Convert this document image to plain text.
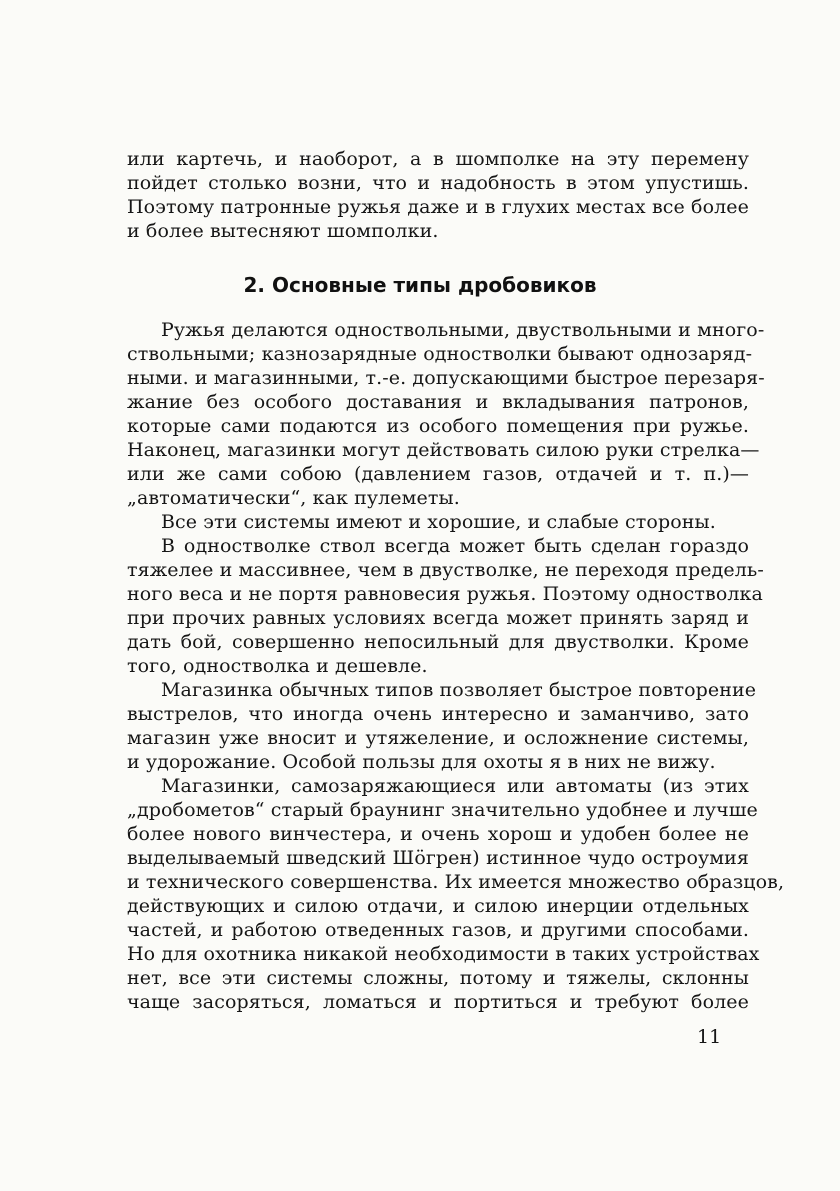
или картечь, и наоборот, а в шомполке на эту перемену
пойдет столько возни, что и надобность в этом упустишь.
Поэтому патронные ружья даже и в глухих местах все более
и более вытесняют шомполки.
2. Основные типы дробовиков
Ружья делаются одноствольными, двуствольными и много-
ствольными; казнозарядные одностволки бывают однозаряд-
ными. и магазинными, т.-е. допускающими быстрое перезаря-
жание без особого доставания и вкладывания патронов,
которые сами подаются из особого помещения при ружье.
Наконец, магазинки могут действовать силою руки стрелка—
или же сами собою (давлением газов, отдачей и т. п.)—
„автоматически“, как пулеметы.
Все эти системы имеют и хорошие, и слабые стороны.
В одностволке ствол всегда может быть сделан гораздо
тяжелее и массивнее, чем в двустволке, не переходя предель-
ного веса и не портя равновесия ружья. Поэтому одностволка
при прочих равных условиях всегда может принять заряд и
дать бой, совершенно непосильный для двустволки. Кроме
того, одностволка и дешевле.
Магазинка обычных типов позволяет быстрое повторение
выстрелов, что иногда очень интересно и заманчиво, зато
магазин уже вносит и утяжеление, и осложнение системы,
и удорожание. Особой пользы для охоты я в них не вижу.
Магазинки, самозаряжающиеся или автоматы (из этих
„дробометов“ старый браунинг значительно удобнее и лучше
более нового винчестера, и очень хорош и удобен более не
выделываемый шведский Шӧгрен) истинное чудо остроумия
и технического совершенства. Их имеется множество образцов,
действующих и силою отдачи, и силою инерции отдельных
частей, и работою отведенных газов, и другими способами.
Но для охотника никакой необходимости в таких устройствах
нет, все эти системы сложны, потому и тяжелы, склонны
чаще засоряться, ломаться и портиться и требуют более
11
